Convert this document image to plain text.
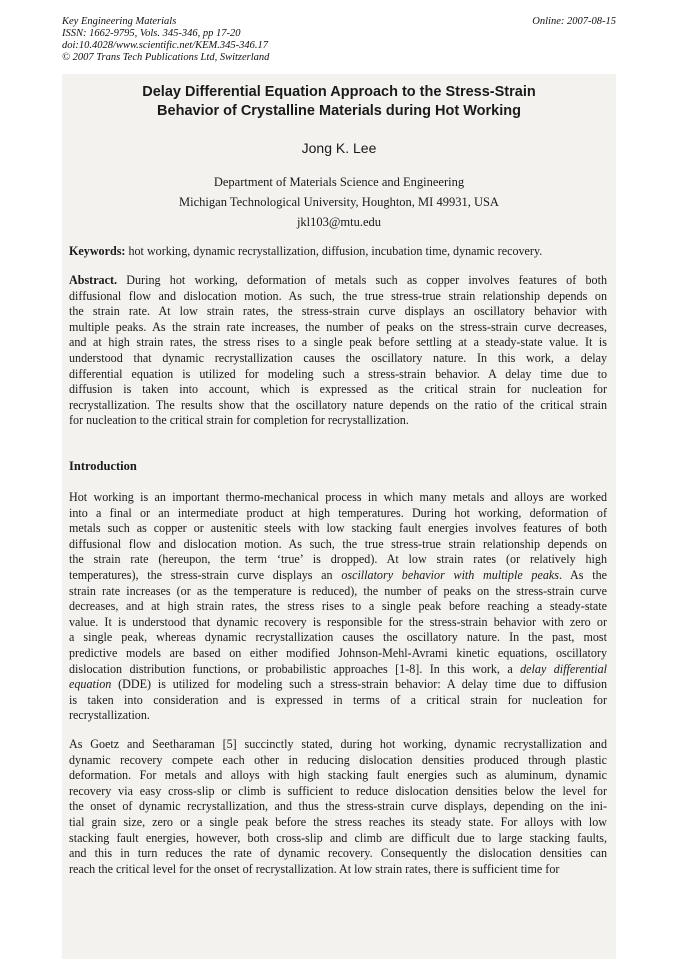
Key Engineering Materials
ISSN: 1662-9795, Vols. 345-346, pp 17-20
doi:10.4028/www.scientific.net/KEM.345-346.17
© 2007 Trans Tech Publications Ltd, Switzerland
Online: 2007-08-15
Delay Differential Equation Approach to the Stress-Strain
Behavior of Crystalline Materials during Hot Working
Jong K. Lee
Department of Materials Science and Engineering
Michigan Technological University, Houghton, MI 49931, USA
jkl103@mtu.edu
Keywords: hot working, dynamic recrystallization, diffusion, incubation time, dynamic recovery.
Abstract. During hot working, deformation of metals such as copper involves features of both
diffusional flow and dislocation motion. As such, the true stress-true strain relationship depends on
the strain rate. At low strain rates, the stress-strain curve displays an oscillatory behavior with
multiple peaks. As the strain rate increases, the number of peaks on the stress-strain curve decreases,
and at high strain rates, the stress rises to a single peak before settling at a steady-state value. It is
understood that dynamic recrystallization causes the oscillatory nature. In this work, a delay
differential equation is utilized for modeling such a stress-strain behavior. A delay time due to
diffusion is taken into account, which is expressed as the critical strain for nucleation for
recrystallization. The results show that the oscillatory nature depends on the ratio of the critical strain
for nucleation to the critical strain for completion for recrystallization.
Introduction
Hot working is an important thermo-mechanical process in which many metals and alloys are worked
into a final or an intermediate product at high temperatures. During hot working, deformation of
metals such as copper or austenitic steels with low stacking fault energies involves features of both
diffusional flow and dislocation motion. As such, the true stress-true strain relationship depends on
the strain rate (hereupon, the term ‘true’ is dropped). At low strain rates (or relatively high
temperatures), the stress-strain curve displays an oscillatory behavior with multiple peaks. As the
strain rate increases (or as the temperature is reduced), the number of peaks on the stress-strain curve
decreases, and at high strain rates, the stress rises to a single peak before reaching a steady-state
value. It is understood that dynamic recovery is responsible for the stress-strain behavior with zero or
a single peak, whereas dynamic recrystallization causes the oscillatory nature. In the past, most
predictive models are based on either modified Johnson-Mehl-Avrami kinetic equations, oscillatory
dislocation distribution functions, or probabilistic approaches [1-8]. In this work, a delay differential
equation (DDE) is utilized for modeling such a stress-strain behavior: A delay time due to diffusion
is taken into consideration and is expressed in terms of a critical strain for nucleation for
recrystallization.
As Goetz and Seetharaman [5] succinctly stated, during hot working, dynamic recrystallization and
dynamic recovery compete each other in reducing dislocation densities produced through plastic
deformation. For metals and alloys with high stacking fault energies such as aluminum, dynamic
recovery via easy cross-slip or climb is sufficient to reduce dislocation densities below the level for
the onset of dynamic recrystallization, and thus the stress-strain curve displays, depending on the ini-
tial grain size, zero or a single peak before the stress reaches its steady state. For alloys with low
stacking fault energies, however, both cross-slip and climb are difficult due to large stacking faults,
and this in turn reduces the rate of dynamic recovery. Consequently the dislocation densities can
reach the critical level for the onset of recrystallization. At low strain rates, there is sufficient time for
